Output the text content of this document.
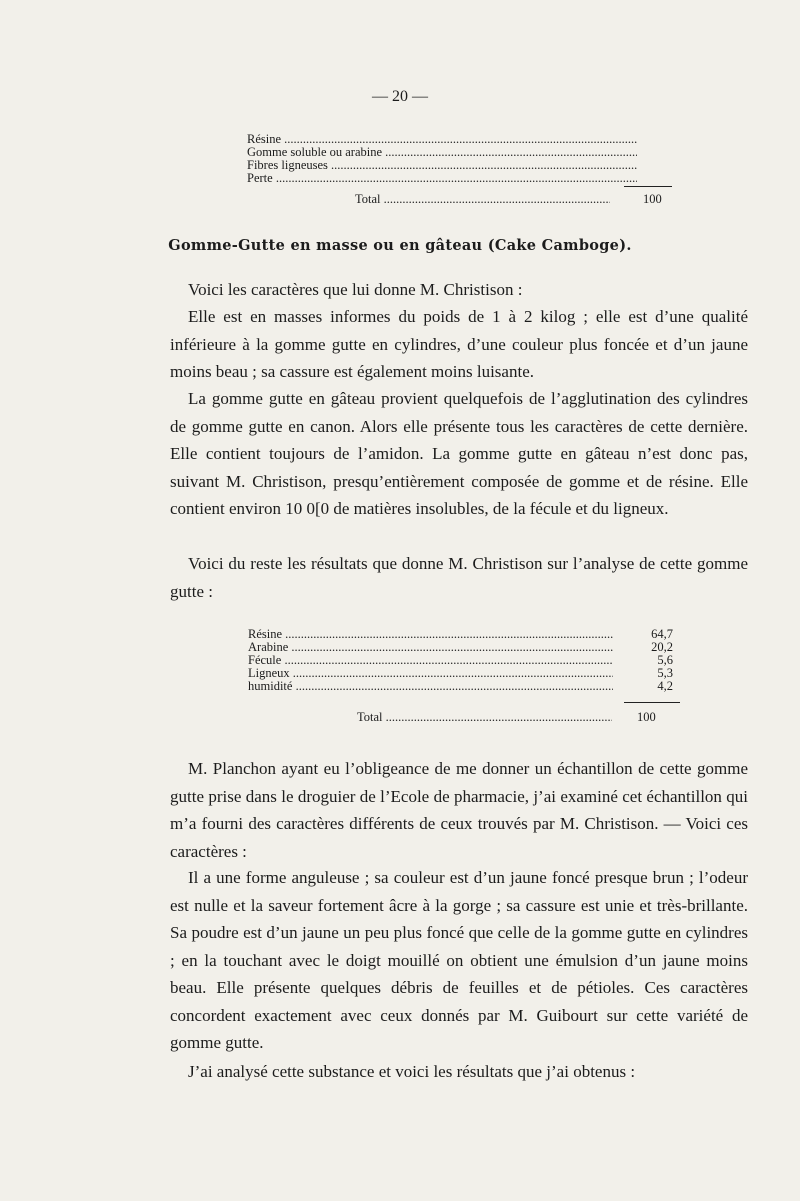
— 20 —
Résine .....
Gomme soluble ou arabine .....
Fibres ligneuses .....
Perte .....
Total .....	100
Gomme-Gutte en masse ou en gâteau (Cake Camboge).

Voici les caractères que lui donne M. Christison :

Elle est en masses informes du poids de 1 à 2 kilog ; elle est d’une qualité inférieure à la gomme gutte en cylindres, d’une couleur plus foncée et d’un jaune moins beau ; sa cassure est également moins luisante.

La gomme gutte en gâteau provient quelquefois de l’agglutination des cylindres de gomme gutte en canon. Alors elle présente tous les caractères de cette dernière. Elle contient toujours de l’amidon. La gomme gutte en gâteau n’est donc pas, suivant M. Christison, presqu’entièrement composée de gomme et de résine. Elle contient environ 10 0[0 de matières insolubles, de la fécule et du ligneux.

Voici du reste les résultats que donne M. Christison sur l’analyse de cette gomme gutte :

Résine .....	64,7
Arabine .....	20,2
Fécule .....	5,6
Ligneux .....	5,3
humidité .....	4,2
Total .....	100

M. Planchon ayant eu l’obligeance de me donner un échantillon de cette gomme gutte prise dans le droguier de l’Ecole de pharmacie, j’ai examiné cet échantillon qui m’a fourni des caractères différents de ceux trouvés par M. Christison. — Voici ces caractères :

Il a une forme anguleuse ; sa couleur est d’un jaune foncé presque brun ; l’odeur est nulle et la saveur fortement âcre à la gorge ; sa cassure est unie et très-brillante. Sa poudre est d’un jaune un peu plus foncé que celle de la gomme gutte en cylindres ; en la touchant avec le doigt mouillé on obtient une émulsion d’un jaune moins beau. Elle présente quelques débris de feuilles et de pétioles. Ces caractères concordent exactement avec ceux donnés par M. Guibourt sur cette variété de gomme gutte.

J’ai analysé cette substance et voici les résultats que j’ai obtenus :
